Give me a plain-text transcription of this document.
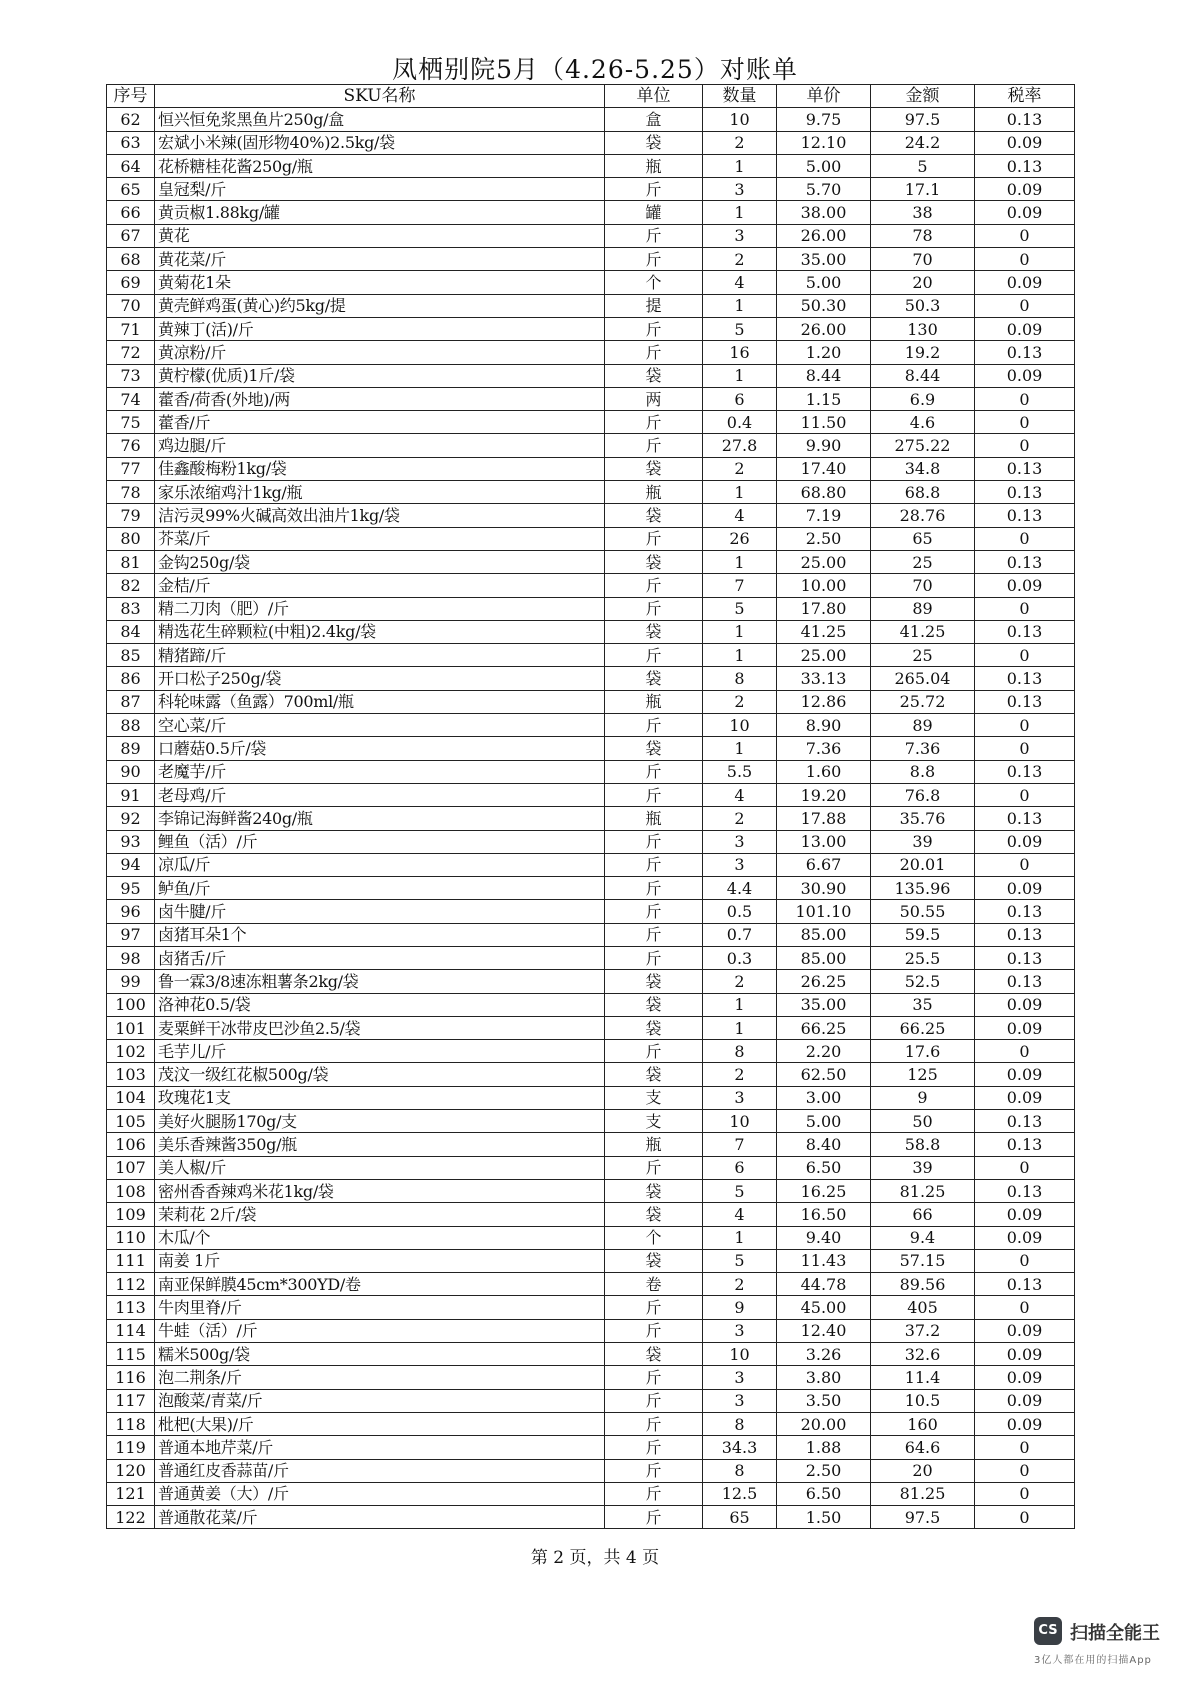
凤栖别院5月（4.26-5.25）对账单
序号	SKU名称	单位	数量	单价	金额	税率
62	恒兴恒免浆黑鱼片250g/盒	盒	10	9.75	97.5	0.13
63	宏斌小米辣(固形物40%)2.5kg/袋	袋	2	12.10	24.2	0.09
64	花桥糖桂花酱250g/瓶	瓶	1	5.00	5	0.13
65	皇冠梨/斤	斤	3	5.70	17.1	0.09
66	黄贡椒1.88kg/罐	罐	1	38.00	38	0.09
67	黄花	斤	3	26.00	78	0
68	黄花菜/斤	斤	2	35.00	70	0
69	黄菊花1朵	个	4	5.00	20	0.09
70	黄壳鲜鸡蛋(黄心)约5kg/提	提	1	50.30	50.3	0
71	黄辣丁(活)/斤	斤	5	26.00	130	0.09
72	黄凉粉/斤	斤	16	1.20	19.2	0.13
73	黄柠檬(优质)1斤/袋	袋	1	8.44	8.44	0.09
74	藿香/荷香(外地)/两	两	6	1.15	6.9	0
75	藿香/斤	斤	0.4	11.50	4.6	0
76	鸡边腿/斤	斤	27.8	9.90	275.22	0
77	佳鑫酸梅粉1kg/袋	袋	2	17.40	34.8	0.13
78	家乐浓缩鸡汁1kg/瓶	瓶	1	68.80	68.8	0.13
79	洁污灵99%火碱高效出油片1kg/袋	袋	4	7.19	28.76	0.13
80	芥菜/斤	斤	26	2.50	65	0
81	金钩250g/袋	袋	1	25.00	25	0.13
82	金桔/斤	斤	7	10.00	70	0.09
83	精二刀肉（肥）/斤	斤	5	17.80	89	0
84	精选花生碎颗粒(中粗)2.4kg/袋	袋	1	41.25	41.25	0.13
85	精猪蹄/斤	斤	1	25.00	25	0
86	开口松子250g/袋	袋	8	33.13	265.04	0.13
87	科轮味露（鱼露）700ml/瓶	瓶	2	12.86	25.72	0.13
88	空心菜/斤	斤	10	8.90	89	0
89	口蘑菇0.5斤/袋	袋	1	7.36	7.36	0
90	老魔芋/斤	斤	5.5	1.60	8.8	0.13
91	老母鸡/斤	斤	4	19.20	76.8	0
92	李锦记海鲜酱240g/瓶	瓶	2	17.88	35.76	0.13
93	鲤鱼（活）/斤	斤	3	13.00	39	0.09
94	凉瓜/斤	斤	3	6.67	20.01	0
95	鲈鱼/斤	斤	4.4	30.90	135.96	0.09
96	卤牛腱/斤	斤	0.5	101.10	50.55	0.13
97	卤猪耳朵1个	斤	0.7	85.00	59.5	0.13
98	卤猪舌/斤	斤	0.3	85.00	25.5	0.13
99	鲁一霖3/8速冻粗薯条2kg/袋	袋	2	26.25	52.5	0.13
100	洛神花0.5/袋	袋	1	35.00	35	0.09
101	麦粟鲜干冰带皮巴沙鱼2.5/袋	袋	1	66.25	66.25	0.09
102	毛芋儿/斤	斤	8	2.20	17.6	0
103	茂汶一级红花椒500g/袋	袋	2	62.50	125	0.09
104	玫瑰花1支	支	3	3.00	9	0.09
105	美好火腿肠170g/支	支	10	5.00	50	0.13
106	美乐香辣酱350g/瓶	瓶	7	8.40	58.8	0.13
107	美人椒/斤	斤	6	6.50	39	0
108	密州香香辣鸡米花1kg/袋	袋	5	16.25	81.25	0.13
109	茉莉花 2斤/袋	袋	4	16.50	66	0.09
110	木瓜/个	个	1	9.40	9.4	0.09
111	南姜 1斤	袋	5	11.43	57.15	0
112	南亚保鲜膜45cm*300YD/卷	卷	2	44.78	89.56	0.13
113	牛肉里脊/斤	斤	9	45.00	405	0
114	牛蛙（活）/斤	斤	3	12.40	37.2	0.09
115	糯米500g/袋	袋	10	3.26	32.6	0.09
116	泡二荆条/斤	斤	3	3.80	11.4	0.09
117	泡酸菜/青菜/斤	斤	3	3.50	10.5	0.09
118	枇杷(大果)/斤	斤	8	20.00	160	0.09
119	普通本地芹菜/斤	斤	34.3	1.88	64.6	0
120	普通红皮香蒜苗/斤	斤	8	2.50	20	0
121	普通黄姜（大）/斤	斤	12.5	6.50	81.25	0
122	普通散花菜/斤	斤	65	1.50	97.5	0
第 2 页，共 4 页
CS 扫描全能王
3亿人都在用的扫描App
